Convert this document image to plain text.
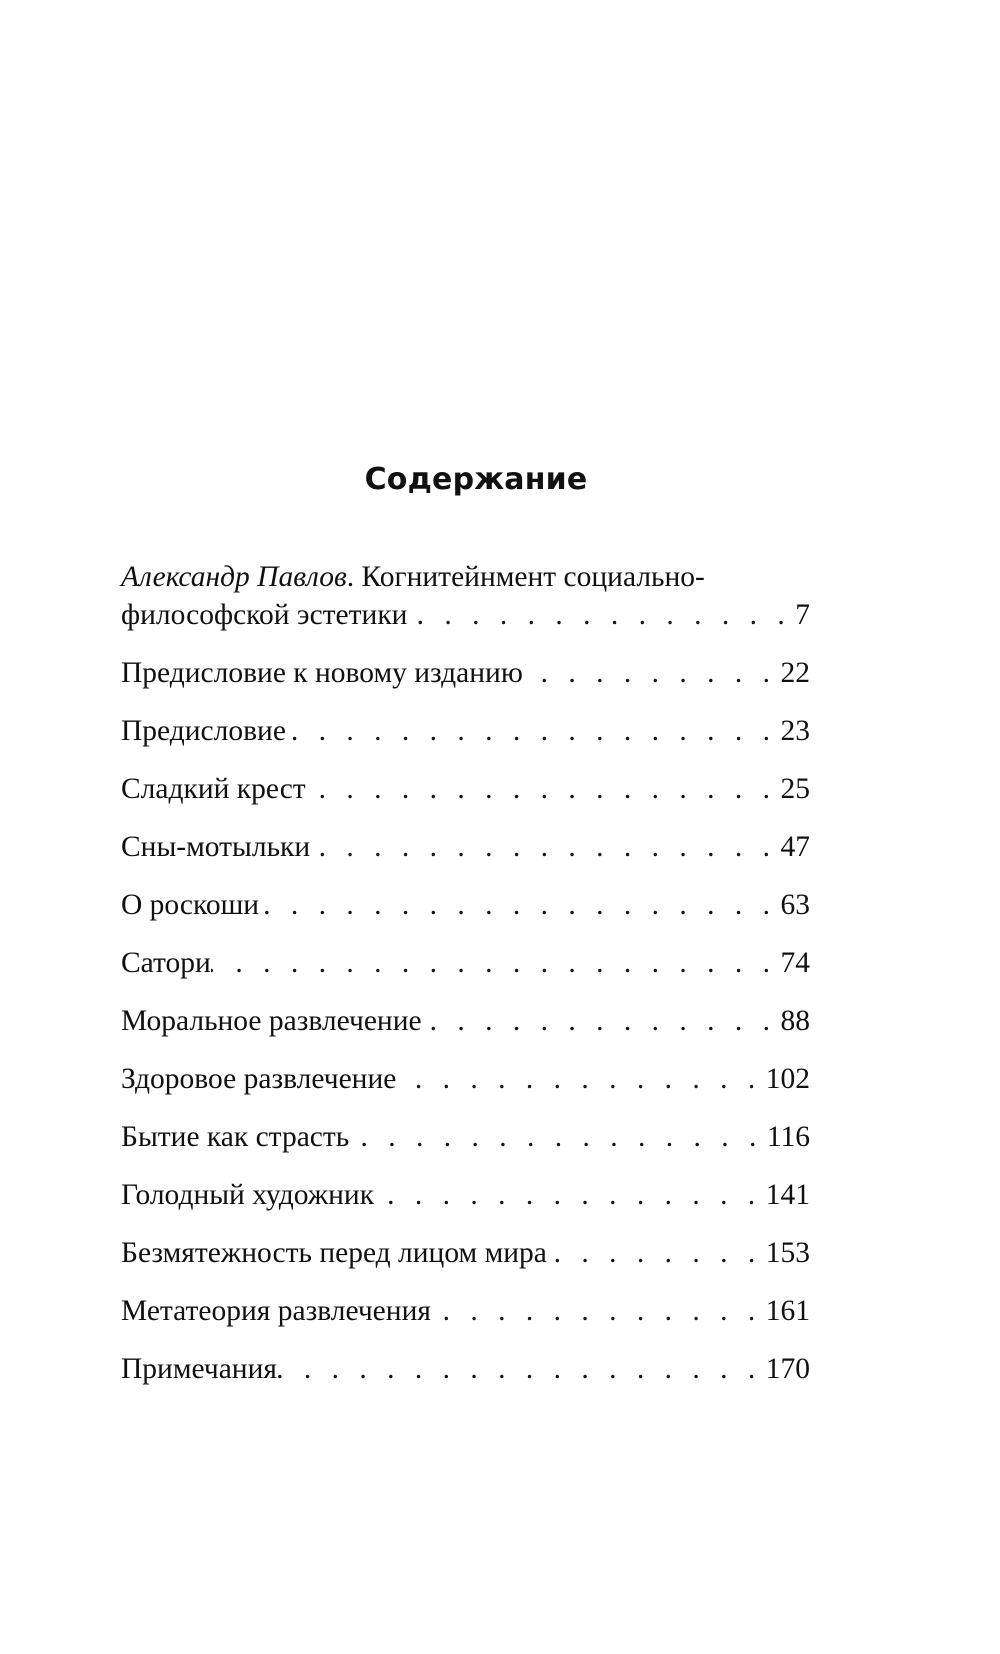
Содержание
Александр Павлов. Когнитейнмент социально-
философской эстетики . . .	7
Предисловие к новому изданию . . .	22
Предисловие . . .	23
Сладкий крест . . .	25
Сны-мотыльки . . .	47
О роскоши . . .	63
Сатори . . .	74
Моральное развлечение . . .	88
Здоровое развлечение . . .	102
Бытие как страсть . . .	116
Голодный художник . . .	141
Безмятежность перед лицом мира . . .	153
Метатеория развлечения . . .	161
Примечания . . .	170
